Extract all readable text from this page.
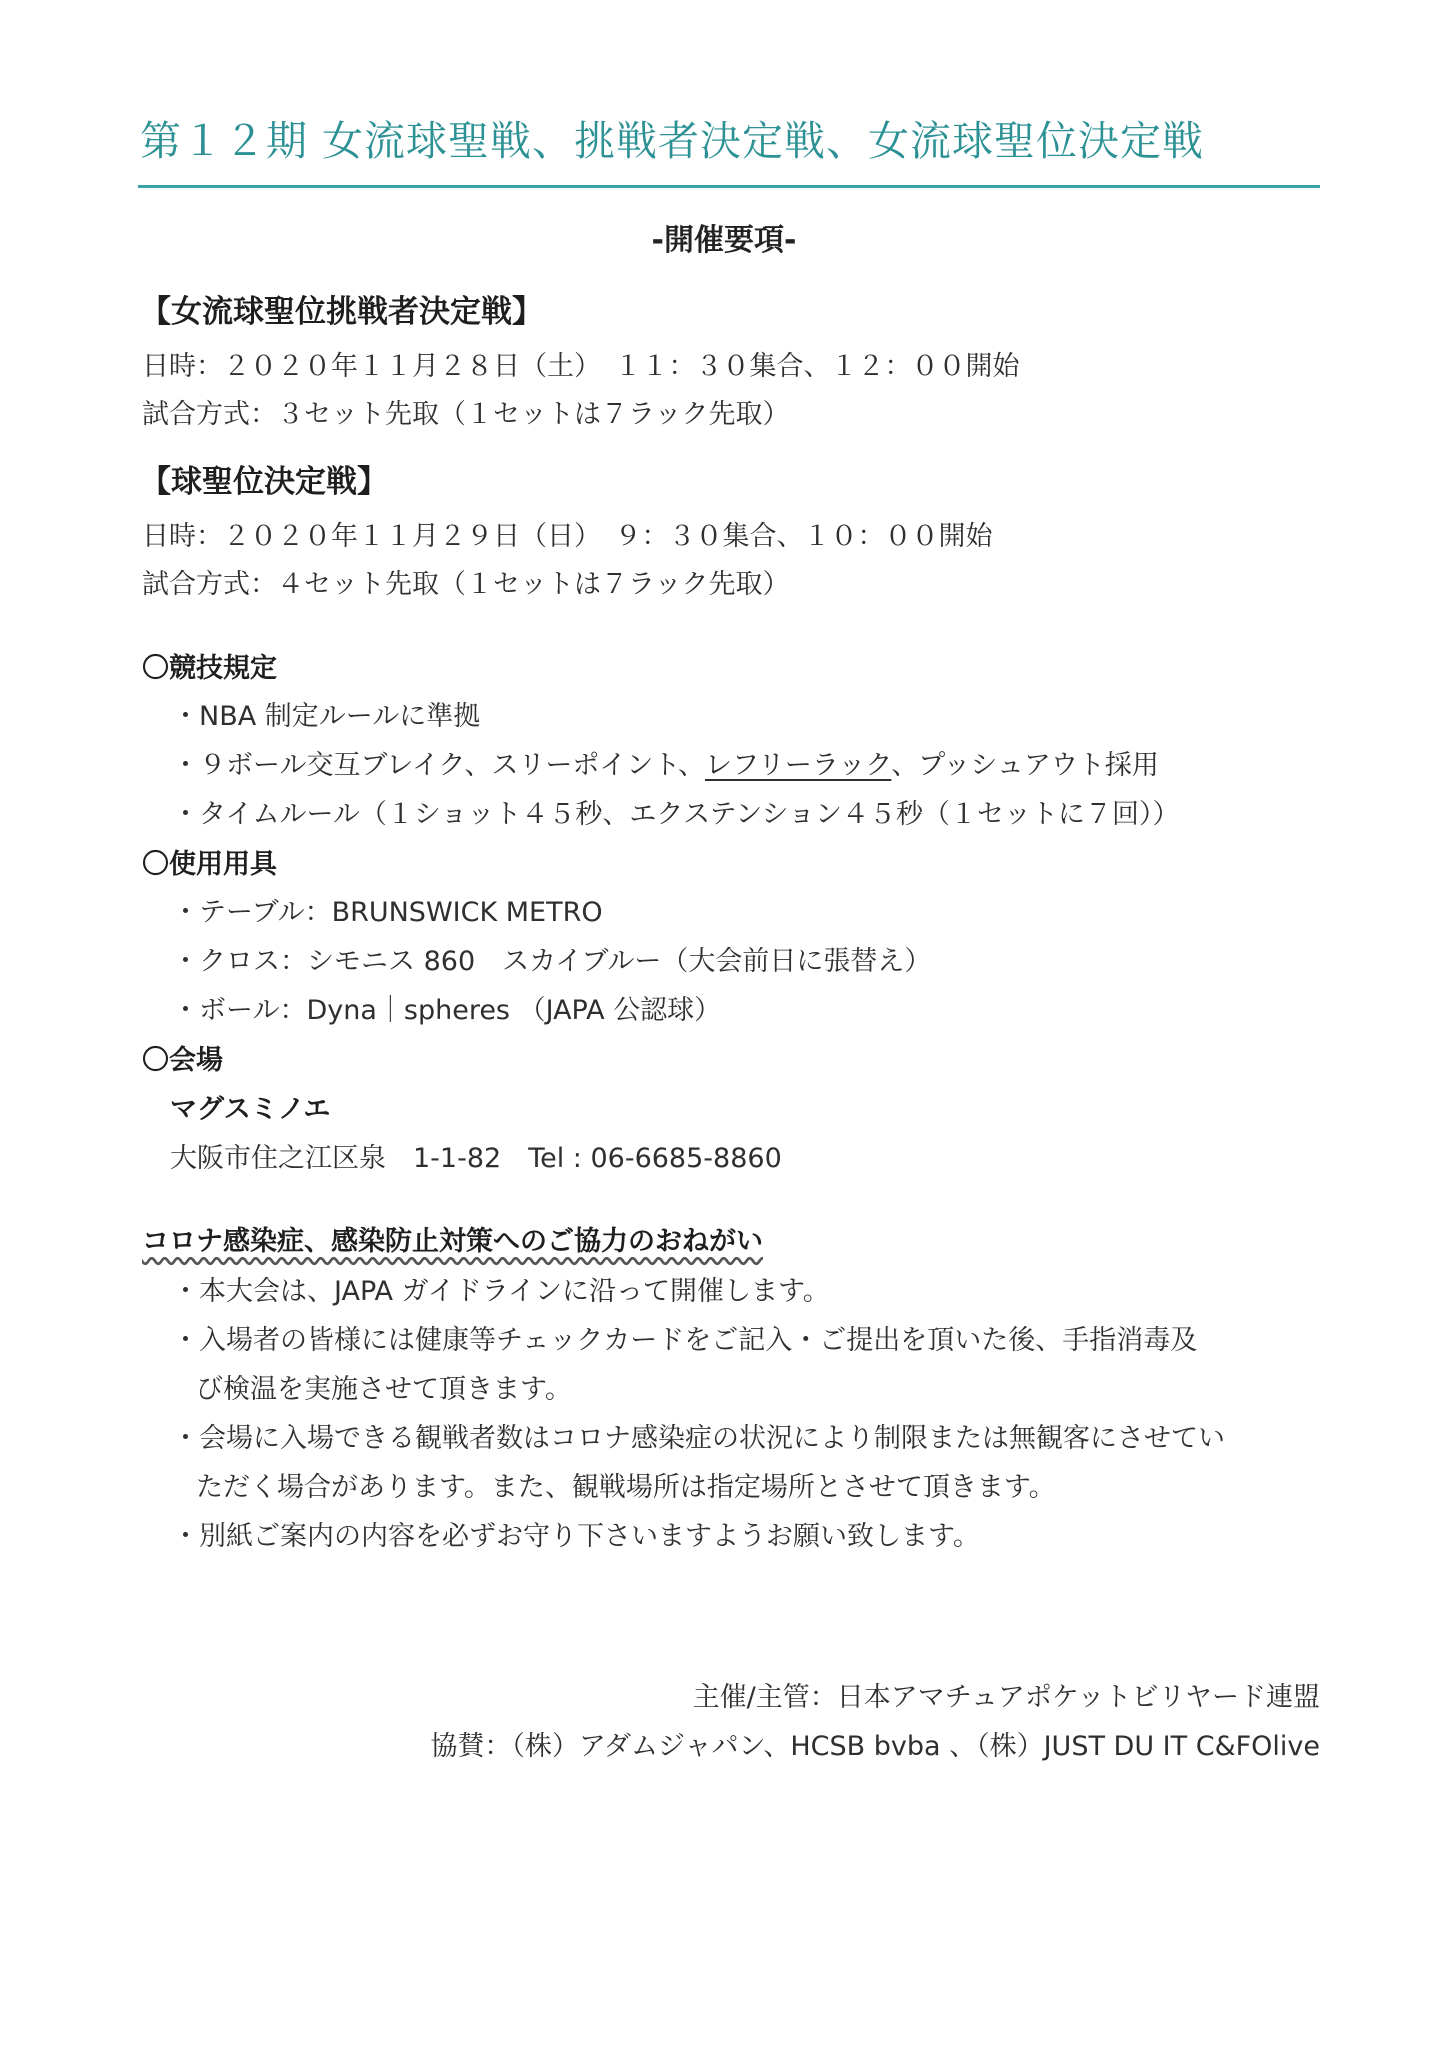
第１２期 女流球聖戦、挑戦者決定戦、女流球聖位決定戦
-開催要項-
【女流球聖位挑戦者決定戦】
日時：２０２０年１１月２８日（土）　１１：３０集合、１２：００開始
試合方式：３セット先取（１セットは７ラック先取）
【球聖位決定戦】
日時：２０２０年１１月２９日（日）　９：３０集合、１０：００開始
試合方式：４セット先取（１セットは７ラック先取）
〇競技規定
・NBA 制定ルールに準拠
・９ボール交互ブレイク、スリーポイント、レフリーラック、プッシュアウト採用
・タイムルール（１ショット４５秒、エクステンション４５秒（１セットに７回））
〇使用用具
・テーブル：BRUNSWICK METRO
・クロス：シモニス 860　スカイブルー（大会前日に張替え）
・ボール：Dyna｜spheres （JAPA 公認球）
〇会場
マグスミノエ
大阪市住之江区泉　1-1-82　Tel : 06-6685-8860
コロナ感染症、感染防止対策へのご協力のおねがい
・本大会は、JAPA ガイドラインに沿って開催します。
・入場者の皆様には健康等チェックカードをご記入・ご提出を頂いた後、手指消毒及
び検温を実施させて頂きます。
・会場に入場できる観戦者数はコロナ感染症の状況により制限または無観客にさせてい
ただく場合があります。また、観戦場所は指定場所とさせて頂きます。
・別紙ご案内の内容を必ずお守り下さいますようお願い致します。
主催/主管：日本アマチュアポケットビリヤード連盟
協賛：（株）アダムジャパン、HCSB bvba 、（株）JUST DU IT C&FOlive
